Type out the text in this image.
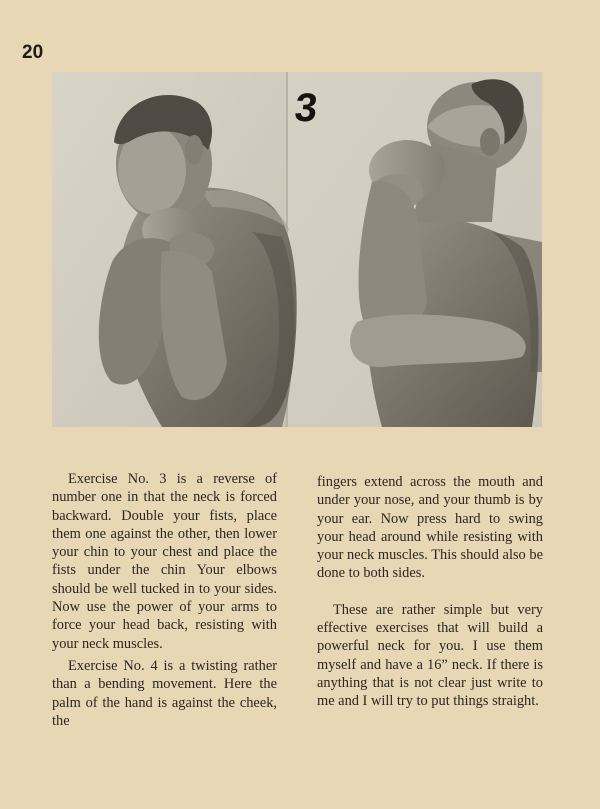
20
3

Exercise No. 3 is a reverse of number one in that the neck is forced backward. Double your fists, place them one against the other, then lower your chin to your chest and place the fists under the chin Your elbows should be well tucked in to your sides. Now use the power of your arms to force your head back, resisting with your neck muscles.

Exercise No. 4 is a twisting rather than a bending movement. Here the palm of the hand is against the cheek, the

fingers extend across the mouth and under your nose, and your thumb is by your ear. Now press hard to swing your head around while resisting with your neck muscles. This should also be done to both sides.

These are rather simple but very effective exercises that will build a powerful neck for you. I use them myself and have a 16” neck. If there is anything that is not clear just write to me and I will try to put things straight.
